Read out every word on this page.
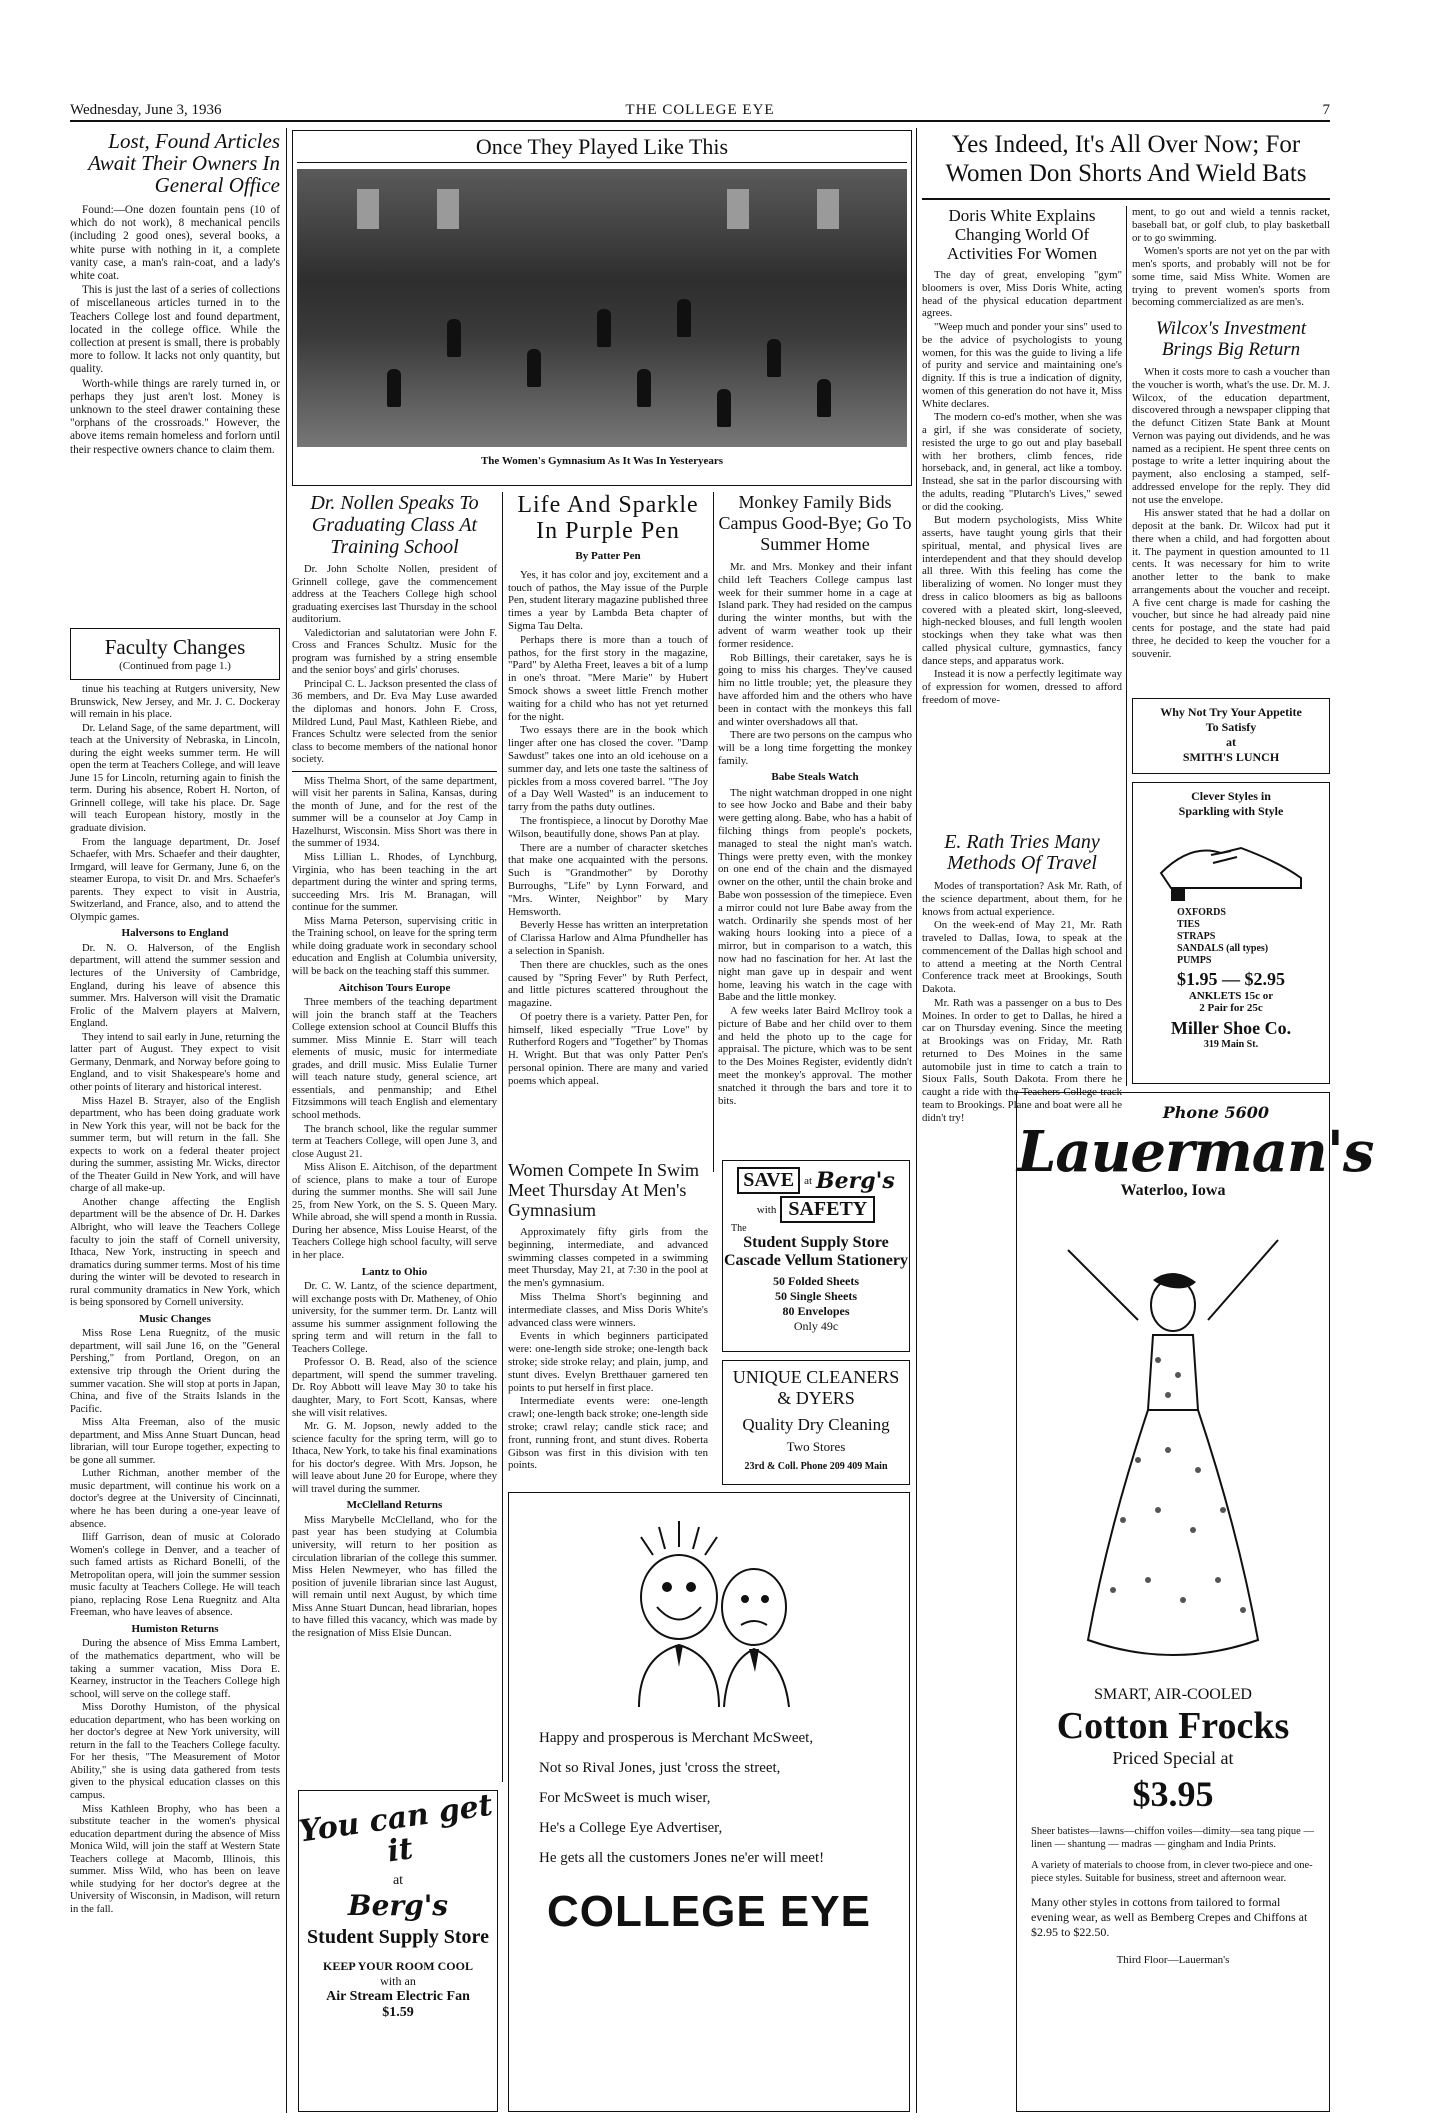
Wednesday, June 3, 1936	THE COLLEGE EYE	7
Lost, Found Articles Await Their Owners In General Office

Found:—One dozen fountain pens (10 of which do not work), 8 mechanical pencils (including 2 good ones), several books, a white purse with nothing in it, a complete vanity case, a man's rain-coat, and a lady's white coat.

This is just the last of a series of collections of miscellaneous articles turned in to the Teachers College lost and found department, located in the college office. While the collection at present is small, there is probably more to follow. It lacks not only quantity, but quality.

Worth-while things are rarely turned in, or perhaps they just aren't lost. Money is unknown to the steel drawer containing these "orphans of the crossroads." However, the above items remain homeless and forlorn until their respective owners chance to claim them.

Faculty Changes
(Continued from page 1.)

tinue his teaching at Rutgers university, New Brunswick, New Jersey, and Mr. J. C. Dockeray will remain in his place.

Dr. Leland Sage, of the same department, will teach at the University of Nebraska, in Lincoln, during the eight weeks summer term. He will open the term at Teachers College, and will leave June 15 for Lincoln, returning again to finish the term. During his absence, Robert H. Norton, of Grinnell college, will take his place. Dr. Sage will teach European history, mostly in the graduate division.

From the language department, Dr. Josef Schaefer, with Mrs. Schaefer and their daughter, Irmgard, will leave for Germany, June 6, on the steamer Europa, to visit Dr. and Mrs. Schaefer's parents. They expect to visit in Austria, Switzerland, and France, also, and to attend the Olympic games.

Halversons to England

Dr. N. O. Halverson, of the English department, will attend the summer session and lectures of the University of Cambridge, England, during his leave of absence this summer. Mrs. Halverson will visit the Dramatic Frolic of the Malvern players at Malvern, England.

They intend to sail early in June, returning the latter part of August. They expect to visit Germany, Denmark, and Norway before going to England, and to visit Shakespeare's home and other points of literary and historical interest.

Miss Hazel B. Strayer, also of the English department, who has been doing graduate work in New York this year, will not be back for the summer term, but will return in the fall. She expects to work on a federal theater project during the summer, assisting Mr. Wicks, director of the Theater Guild in New York, and will have charge of all make-up.

Another change affecting the English department will be the absence of Dr. H. Darkes Albright, who will leave the Teachers College faculty to join the staff of Cornell university, Ithaca, New York, instructing in speech and dramatics during summer terms. Most of his time during the winter will be devoted to research in rural community dramatics in New York, which is being sponsored by Cornell university.

Music Changes

Miss Rose Lena Ruegnitz, of the music department, will sail June 16, on the "General Pershing," from Portland, Oregon, on an extensive trip through the Orient during the summer vacation. She will stop at ports in Japan, China, and five of the Straits Islands in the Pacific.

Miss Alta Freeman, also of the music department, and Miss Anne Stuart Duncan, head librarian, will tour Europe together, expecting to be gone all summer.

Luther Richman, another member of the music department, will continue his work on a doctor's degree at the University of Cincinnati, where he has been during a one-year leave of absence.

Iliff Garrison, dean of music at Colorado Women's college in Denver, and a teacher of such famed artists as Richard Bonelli, of the Metropolitan opera, will join the summer session music faculty at Teachers College. He will teach piano, replacing Rose Lena Ruegnitz and Alta Freeman, who have leaves of absence.

Humiston Returns

During the absence of Miss Emma Lambert, of the mathematics department, who will be taking a summer vacation, Miss Dora E. Kearney, instructor in the Teachers College high school, will serve on the college staff.

Miss Dorothy Humiston, of the physical education department, who has been working on her doctor's degree at New York university, will return in the fall to the Teachers College faculty. For her thesis, "The Measurement of Motor Ability," she is using data gathered from tests given to the physical education classes on this campus.

Miss Kathleen Brophy, who has been a substitute teacher in the women's physical education department during the absence of Miss Monica Wild, will join the staff at Western State Teachers college at Macomb, Illinois, this summer. Miss Wild, who has been on leave while studying for her doctor's degree at the University of Wisconsin, in Madison, will return in the fall.

Once They Played Like This
The Women's Gymnasium As It Was In Yesteryears
Dr. Nollen Speaks To Graduating Class At Training School

Dr. John Scholte Nollen, president of Grinnell college, gave the commencement address at the Teachers College high school graduating exercises last Thursday in the school auditorium.

Valedictorian and salutatorian were John F. Cross and Frances Schultz. Music for the program was furnished by a string ensemble and the senior boys' and girls' choruses.

Principal C. L. Jackson presented the class of 36 members, and Dr. Eva May Luse awarded the diplomas and honors. John F. Cross, Mildred Lund, Paul Mast, Kathleen Riebe, and Frances Schultz were selected from the senior class to become members of the national honor society.

Miss Thelma Short, of the same department, will visit her parents in Salina, Kansas, during the month of June, and for the rest of the summer will be a counselor at Joy Camp in Hazelhurst, Wisconsin. Miss Short was there in the summer of 1934.

Miss Lillian L. Rhodes, of Lynchburg, Virginia, who has been teaching in the art department during the winter and spring terms, succeeding Mrs. Iris M. Branagan, will continue for the summer.

Miss Marna Peterson, supervising critic in the Training school, on leave for the spring term while doing graduate work in secondary school education and English at Columbia university, will be back on the teaching staff this summer.

Aitchison Tours Europe

Three members of the teaching department will join the branch staff at the Teachers College extension school at Council Bluffs this summer. Miss Minnie E. Starr will teach elements of music, music for intermediate grades, and drill music. Miss Eulalie Turner will teach nature study, general science, art essentials, and penmanship; and Ethel Fitzsimmons will teach English and elementary school methods.

The branch school, like the regular summer term at Teachers College, will open June 3, and close August 21.

Miss Alison E. Aitchison, of the department of science, plans to make a tour of Europe during the summer months. She will sail June 25, from New York, on the S. S. Queen Mary. While abroad, she will spend a month in Russia. During her absence, Miss Louise Hearst, of the Teachers College high school faculty, will serve in her place.

Lantz to Ohio

Dr. C. W. Lantz, of the science department, will exchange posts with Dr. Matheney, of Ohio university, for the summer term. Dr. Lantz will assume his summer assignment following the spring term and will return in the fall to Teachers College.

Professor O. B. Read, also of the science department, will spend the summer traveling. Dr. Roy Abbott will leave May 30 to take his daughter, Mary, to Fort Scott, Kansas, where she will visit relatives.

Mr. G. M. Jopson, newly added to the science faculty for the spring term, will go to Ithaca, New York, to take his final examinations for his doctor's degree. With Mrs. Jopson, he will leave about June 20 for Europe, where they will travel during the summer.

McClelland Returns

Miss Marybelle McClelland, who for the past year has been studying at Columbia university, will return to her position as circulation librarian of the college this summer. Miss Helen Newmeyer, who has filled the position of juvenile librarian since last August, will remain until next August, by which time Miss Anne Stuart Duncan, head librarian, hopes to have filled this vacancy, which was made by the resignation of Miss Elsie Duncan.

You can get it
at
Berg's
Student Supply Store
KEEP YOUR ROOM COOL
with an
Air Stream Electric Fan
$1.59
Life And Sparkle In Purple Pen
By Patter Pen

Yes, it has color and joy, excitement and a touch of pathos, the May issue of the Purple Pen, student literary magazine published three times a year by Lambda Beta chapter of Sigma Tau Delta.

Perhaps there is more than a touch of pathos, for the first story in the magazine, "Pard" by Aletha Freet, leaves a bit of a lump in one's throat. "Mere Marie" by Hubert Smock shows a sweet little French mother waiting for a child who has not yet returned for the night.

Two essays there are in the book which linger after one has closed the cover. "Damp Sawdust" takes one into an old icehouse on a summer day, and lets one taste the saltiness of pickles from a moss covered barrel. "The Joy of a Day Well Wasted" is an inducement to tarry from the paths duty outlines.

The frontispiece, a linocut by Dorothy Mae Wilson, beautifully done, shows Pan at play.

There are a number of character sketches that make one acquainted with the persons. Such is "Grandmother" by Dorothy Burroughs, "Life" by Lynn Forward, and "Mrs. Winter, Neighbor" by Mary Hemsworth.

Beverly Hesse has written an interpretation of Clarissa Harlow and Alma Pfundheller has a selection in Spanish.

Then there are chuckles, such as the ones caused by "Spring Fever" by Ruth Perfect, and little pictures scattered throughout the magazine.

Of poetry there is a variety. Patter Pen, for himself, liked especially "True Love" by Rutherford Rogers and "Together" by Thomas H. Wright. But that was only Patter Pen's personal opinion. There are many and varied poems which appeal.

Women Compete In Swim Meet Thursday At Men's Gymnasium

Approximately fifty girls from the beginning, intermediate, and advanced swimming classes competed in a swimming meet Thursday, May 21, at 7:30 in the pool at the men's gymnasium.

Miss Thelma Short's beginning and intermediate classes, and Miss Doris White's advanced class were winners.

Events in which beginners participated were: one-length side stroke; one-length back stroke; side stroke relay; and plain, jump, and stunt dives. Evelyn Bretthauer garnered ten points to put herself in first place.

Intermediate events were: one-length crawl; one-length back stroke; one-length side stroke; crawl relay; candle stick race; and front, running front, and stunt dives. Roberta Gibson was first in this division with ten points.

Monkey Family Bids Campus Good-Bye; Go To Summer Home

Mr. and Mrs. Monkey and their infant child left Teachers College campus last week for their summer home in a cage at Island park. They had resided on the campus during the winter months, but with the advent of warm weather took up their former residence.

Rob Billings, their caretaker, says he is going to miss his charges. They've caused him no little trouble; yet, the pleasure they have afforded him and the others who have been in contact with the monkeys this fall and winter overshadows all that.

There are two persons on the campus who will be a long time forgetting the monkey family.

Babe Steals Watch

The night watchman dropped in one night to see how Jocko and Babe and their baby were getting along. Babe, who has a habit of filching things from people's pockets, managed to steal the night man's watch. Things were pretty even, with the monkey on one end of the chain and the dismayed owner on the other, until the chain broke and Babe won possession of the timepiece. Even a mirror could not lure Babe away from the watch. Ordinarily she spends most of her waking hours looking into a piece of a mirror, but in comparison to a watch, this now had no fascination for her. At last the night man gave up in despair and went home, leaving his watch in the cage with Babe and the little monkey.

A few weeks later Baird McIlroy took a picture of Babe and her child over to them and held the photo up to the cage for appraisal. The picture, which was to be sent to the Des Moines Register, evidently didn't meet the monkey's approval. The mother snatched it through the bars and tore it to bits.

SAVE at Berg's
with SAFETY
The
Student Supply Store
Cascade Vellum Stationery
50 Folded Sheets
50 Single Sheets
80 Envelopes
Only 49c
UNIQUE CLEANERS
& DYERS
Quality Dry Cleaning
Two Stores
23rd & Coll. Phone 209 409 Main
Happy and prosperous is Merchant McSweet,
Not so Rival Jones, just 'cross the street,
For McSweet is much wiser,
He's a College Eye Advertiser,
He gets all the customers Jones ne'er will meet!
COLLEGE EYE
Yes Indeed, It's All Over Now; For Women Don Shorts And Wield Bats
Doris White Explains Changing World Of Activities For Women

The day of great, enveloping "gym" bloomers is over, Miss Doris White, acting head of the physical education department agrees.

"Weep much and ponder your sins" used to be the advice of psychologists to young women, for this was the guide to living a life of purity and service and maintaining one's dignity. If this is true a indication of dignity, women of this generation do not have it, Miss White declares.

The modern co-ed's mother, when she was a girl, if she was considerate of society, resisted the urge to go out and play baseball with her brothers, climb fences, ride horseback, and, in general, act like a tomboy. Instead, she sat in the parlor discoursing with the adults, reading "Plutarch's Lives," sewed or did the cooking.

But modern psychologists, Miss White asserts, have taught young girls that their spiritual, mental, and physical lives are interdependent and that they should develop all three. With this feeling has come the liberalizing of women. No longer must they dress in calico bloomers as big as balloons covered with a pleated skirt, long-sleeved, high-necked blouses, and full length woolen stockings when they take what was then called physical culture, gymnastics, fancy dance steps, and apparatus work.

Instead it is now a perfectly legitimate way of expression for women, dressed to afford freedom of move-

E. Rath Tries Many Methods Of Travel

Modes of transportation? Ask Mr. Rath, of the science department, about them, for he knows from actual experience.

On the week-end of May 21, Mr. Rath traveled to Dallas, Iowa, to speak at the commencement of the Dallas high school and to attend a meeting at the North Central Conference track meet at Brookings, South Dakota.

Mr. Rath was a passenger on a bus to Des Moines. In order to get to Dallas, he hired a car on Thursday evening. Since the meeting at Brookings was on Friday, Mr. Rath returned to Des Moines in the same automobile just in time to catch a train to Sioux Falls, South Dakota. From there he caught a ride with the Teachers College track team to Brookings. Plane and boat were all he didn't try!

ment, to go out and wield a tennis racket, baseball bat, or golf club, to play basketball or to go swimming.

Women's sports are not yet on the par with men's sports, and probably will not be for some time, said Miss White. Women are trying to prevent women's sports from becoming commercialized as are men's.

Wilcox's Investment Brings Big Return

When it costs more to cash a voucher than the voucher is worth, what's the use. Dr. M. J. Wilcox, of the education department, discovered through a newspaper clipping that the defunct Citizen State Bank at Mount Vernon was paying out dividends, and he was named as a recipient. He spent three cents on postage to write a letter inquiring about the payment, also enclosing a stamped, self-addressed envelope for the reply. They did not use the envelope.

His answer stated that he had a dollar on deposit at the bank. Dr. Wilcox had put it there when a child, and had forgotten about it. The payment in question amounted to 11 cents. It was necessary for him to write another letter to the bank to make arrangements about the voucher and receipt. A five cent charge is made for cashing the voucher, but since he had already paid nine cents for postage, and the state had paid three, he decided to keep the voucher for a souvenir.

Why Not Try Your Appetite
To Satisfy
at
SMITH'S LUNCH
Clever Styles in Sparkling with Style
OXFORDS
TIES
STRAPS
SANDALS (all types)
PUMPS
$1.95 — $2.95
ANKLETS 15c or
2 Pair for 25c
Miller Shoe Co.
319 Main St.
Phone 5600
Lauerman's
Waterloo, Iowa
SMART, AIR-COOLED
Cotton Frocks
Priced Special at
$3.95
Sheer batistes—lawns—chiffon voiles—dimity—sea tang pique — linen — shantung — madras — gingham and India Prints.
A variety of materials to choose from, in clever two-piece and one-piece styles. Suitable for business, street and afternoon wear.
Many other styles in cottons from tailored to formal evening wear, as well as Bemberg Crepes and Chiffons at $2.95 to $22.50.
Third Floor—Lauerman's
